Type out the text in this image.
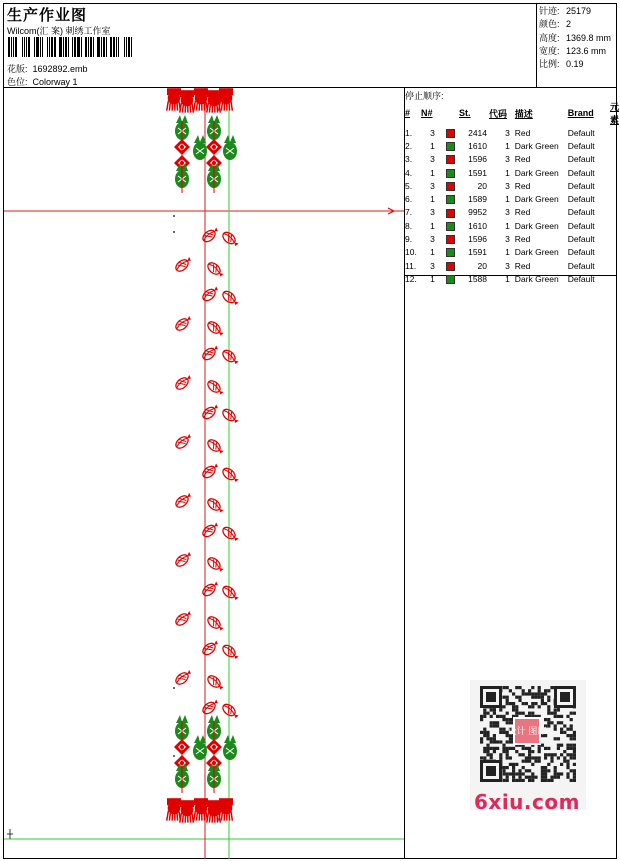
生产作业图
Wilcom(汇 案) 刺绣工作室
花版: 1692892.emb
色位: Colorway 1
针迹: 25179
颜色: 2
高度: 1369.8 mm
宽度: 123.6 mm
比例: 0.19
停止顺序:
#	N#		St.	代码	描述	Brand	元素
1.	3		2414	3	Red	Default	
2.	1		1610	1	Dark Green	Default	
3.	3		1596	3	Red	Default	
4.	1		1591	1	Dark Green	Default	
5.	3		20	3	Red	Default	
6.	1		1589	1	Dark Green	Default	
7.	3		9952	3	Red	Default	
8.	1		1610	1	Dark Green	Default	
9.	3		1596	3	Red	Default	
10.	1		1591	1	Dark Green	Default	
11.	3		20	3	Red	Default	
12.	1		1588	1	Dark Green	Default	
设计 图库
6xiu.com
